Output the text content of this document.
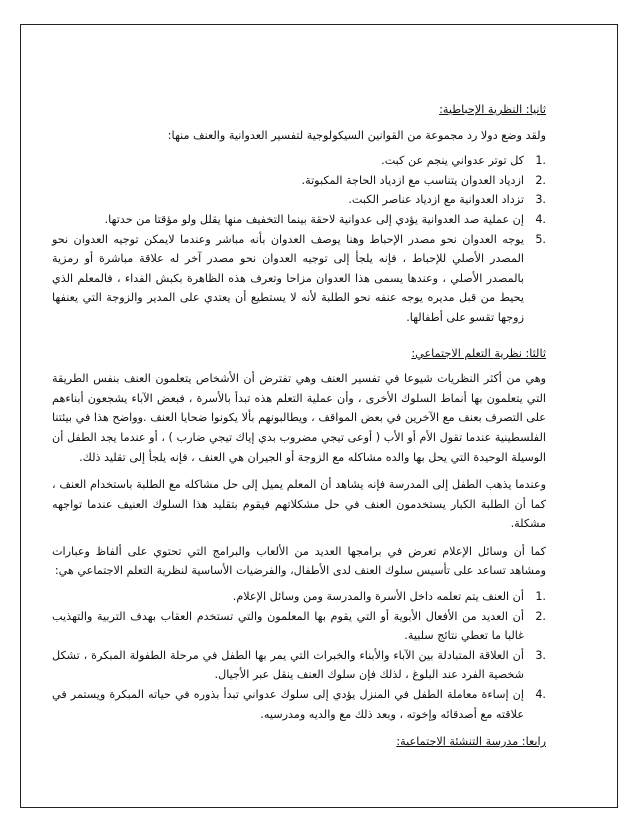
ثانيا: النظرية الإحباطية:

ولقد وضع دولا رد مجموعة من القوانين السيكولوجية لتفسير العدوانية والعنف منها:

1.
كل توتر عدواني ينجم عن كبت.
2.
ازدياد العدوان يتناسب مع ازدياد الحاجة المكبوتة.
3.
تزداد العدوانية مع ازدياد عناصر الكبت.
4.
إن عملية صد العدوانية يؤدي إلى عدوانية لاحقة بينما التخفيف منها يقلل ولو مؤقتا من حدتها.
5.
يوجه العدوان نحو مصدر الإحباط وهنا يوصف العدوان بأنه مباشر وعندما لايمكن توجيه العدوان نحو المصدر الأصلي للإحباط ، فإنه يلجأ إلى توجيه العدوان نحو مصدر آخر له علاقة مباشرة أو رمزية بالمصدر الأصلي ، وعندها يسمى هذا العدوان مزاحا وتعرف هذه الظاهرة بكبش الفداء ، فالمعلم الذي يحيط من قبل مديره يوجه عنفه نحو الطلبة لأنه لا يستطيع أن يعتدي على المدير والزوجة التي يعنفها زوجها تقسو على أطفالها.
ثالثا: نظرية التعلم الاجتماعي:

وهي من أكثر النظريات شيوعا في تفسير العنف وهي تفترض أن الأشخاص يتعلمون العنف بنفس الطريقة التي يتعلمون بها أنماط السلوك الأخرى ، وأن عملية التعلم هذه تبدأ بالأسرة ، فبعض الآباء يشجعون أبناءهم على التصرف بعنف مع الآخرين في بعض المواقف ، ويطالبونهم بألا يكونوا ضحايا العنف .وواضح هذا في بيئتنا الفلسطينية عندما تقول الأم أو الأب ( أوعى تيجي مضروب بدي إياك تيجي ضارب ) ، أو عندما يجد الطفل أن الوسيلة الوحيدة التي يحل بها والده مشاكله مع الزوجة أو الجيران هي العنف ، فإنه يلجأ إلى تقليد ذلك.

وعندما يذهب الطفل إلى المدرسة فإنه يشاهد أن المعلم يميل إلى حل مشاكله مع الطلبة باستخدام العنف ، كما أن الطلبة الكبار يستخدمون العنف في حل مشكلاتهم فيقوم بتقليد هذا السلوك العنيف عندما تواجهه مشكلة.

كما أن وسائل الإعلام تعرض في برامجها العديد من الألعاب والبرامج التي تحتوي على ألفاظ وعبارات ومشاهد تساعد على تأسيس سلوك العنف لدى الأطفال، والفرضيات الأساسية لنظرية التعلم الاجتماعي هي:

1.
أن العنف يتم تعلمه داخل الأسرة والمدرسة ومن وسائل الإعلام.
2.
أن العديد من الأفعال الأبوية أو التي يقوم بها المعلمون والتي تستخدم العقاب بهدف التربية والتهذيب غالبا ما تعطي نتائج سلبية.
3.
أن العلاقة المتبادلة بين الآباء والأبناء والخبرات التي يمر بها الطفل في مرحلة الطفولة المبكرة ، تشكل شخصية الفرد عند البلوغ ، لذلك فإن سلوك العنف ينقل عبر الأجيال.
4.
إن إساءة معاملة الطفل في المنزل يؤدي إلى سلوك عدواني تبدأ بذوره في حياته المبكرة ويستمر في علاقته مع أصدقائه وإخوته ، وبعد ذلك مع والديه ومدرسيه.
رابعا: مدرسة التنشئة الاجتماعية:
